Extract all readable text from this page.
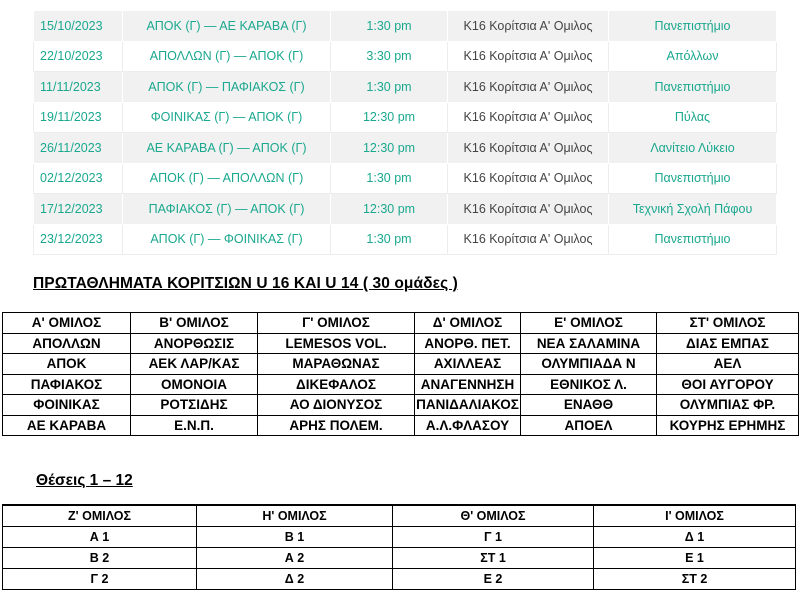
15/10/2023	ΑΠΟΚ (Γ) — ΑΕ ΚΑΡΑΒΑ (Γ)	1:30 pm	Κ16 Κορίτσια Α' Ομιλος	Πανεπιστήμιο
22/10/2023	ΑΠΟΛΛΩΝ (Γ) — ΑΠΟΚ (Γ)	3:30 pm	Κ16 Κορίτσια Α' Ομιλος	Απόλλων
11/11/2023	ΑΠΟΚ (Γ) — ΠΑΦΙΑΚΟΣ (Γ)	1:30 pm	Κ16 Κορίτσια Α' Ομιλος	Πανεπιστήμιο
19/11/2023	ΦΟΙΝΙΚΑΣ (Γ) — ΑΠΟΚ (Γ)	12:30 pm	Κ16 Κορίτσια Α' Ομιλος	Πύλας
26/11/2023	ΑΕ ΚΑΡΑΒΑ (Γ) — ΑΠΟΚ (Γ)	12:30 pm	Κ16 Κορίτσια Α' Ομιλος	Λανίτειο Λύκειο
02/12/2023	ΑΠΟΚ (Γ) — ΑΠΟΛΛΩΝ (Γ)	1:30 pm	Κ16 Κορίτσια Α' Ομιλος	Πανεπιστήμιο
17/12/2023	ΠΑΦΙΑΚΟΣ (Γ) — ΑΠΟΚ (Γ)	12:30 pm	Κ16 Κορίτσια Α' Ομιλος	Τεχνική Σχολή Πάφου
23/12/2023	ΑΠΟΚ (Γ) — ΦΟΙΝΙΚΑΣ (Γ)	1:30 pm	Κ16 Κορίτσια Α' Ομιλος	Πανεπιστήμιο
ΠΡΩΤΑΘΛΗΜΑΤΑ ΚΟΡΙΤΣΙΩΝ U 16 ΚΑΙ U 14 ( 30 ομάδες )
Α' ΟΜΙΛΟΣ	Β' ΟΜΙΛΟΣ	Γ' ΟΜΙΛΟΣ	Δ' ΟΜΙΛΟΣ	Ε' ΟΜΙΛΟΣ	ΣΤ' ΟΜΙΛΟΣ
ΑΠΟΛΛΩΝ	ΑΝΟΡΘΩΣΙΣ	LEMESOS VOL.	ΑΝΟΡΘ. ΠΕΤ.	ΝΕΑ ΣΑΛΑΜΙΝΑ	ΔΙΑΣ ΕΜΠΑΣ
ΑΠΟΚ	ΑΕΚ ΛΑΡ/ΚΑΣ	ΜΑΡΑΘΩΝΑΣ	ΑΧΙΛΛΕΑΣ	ΟΛΥΜΠΙΑΔΑ Ν	ΑΕΛ
ΠΑΦΙΑΚΟΣ	ΟΜΟΝΟΙΑ	ΔΙΚΕΦΑΛΟΣ	ΑΝΑΓΕΝΝΗΣΗ	ΕΘΝΙΚΟΣ Λ.	ΘΟΙ ΑΥΓΟΡΟΥ
ΦΟΙΝΙΚΑΣ	ΡΟΤΣΙΔΗΣ	ΑΟ ΔΙΟΝΥΣΟΣ	ΠΑΝΙΔΑΛΙΑΚΟΣ	ΕΝΑΘΘ	ΟΛΥΜΠΙΑΣ ΦΡ.
ΑΕ ΚΑΡΑΒΑ	Ε.Ν.Π.	ΑΡΗΣ ΠΟΛΕΜ.	Α.Λ.ΦΛΑΣΟΥ	ΑΠΟΕΛ	ΚΟΥΡΗΣ ΕΡΗΜΗΣ
Θέσεις 1 – 12
Ζ' ΟΜΙΛΟΣ	Η' ΟΜΙΛΟΣ	Θ' ΟΜΙΛΟΣ	Ι' ΟΜΙΛΟΣ
Α 1	Β 1	Γ 1	Δ 1
Β 2	Α 2	ΣΤ 1	Ε 1
Γ 2	Δ 2	Ε 2	ΣΤ 2
